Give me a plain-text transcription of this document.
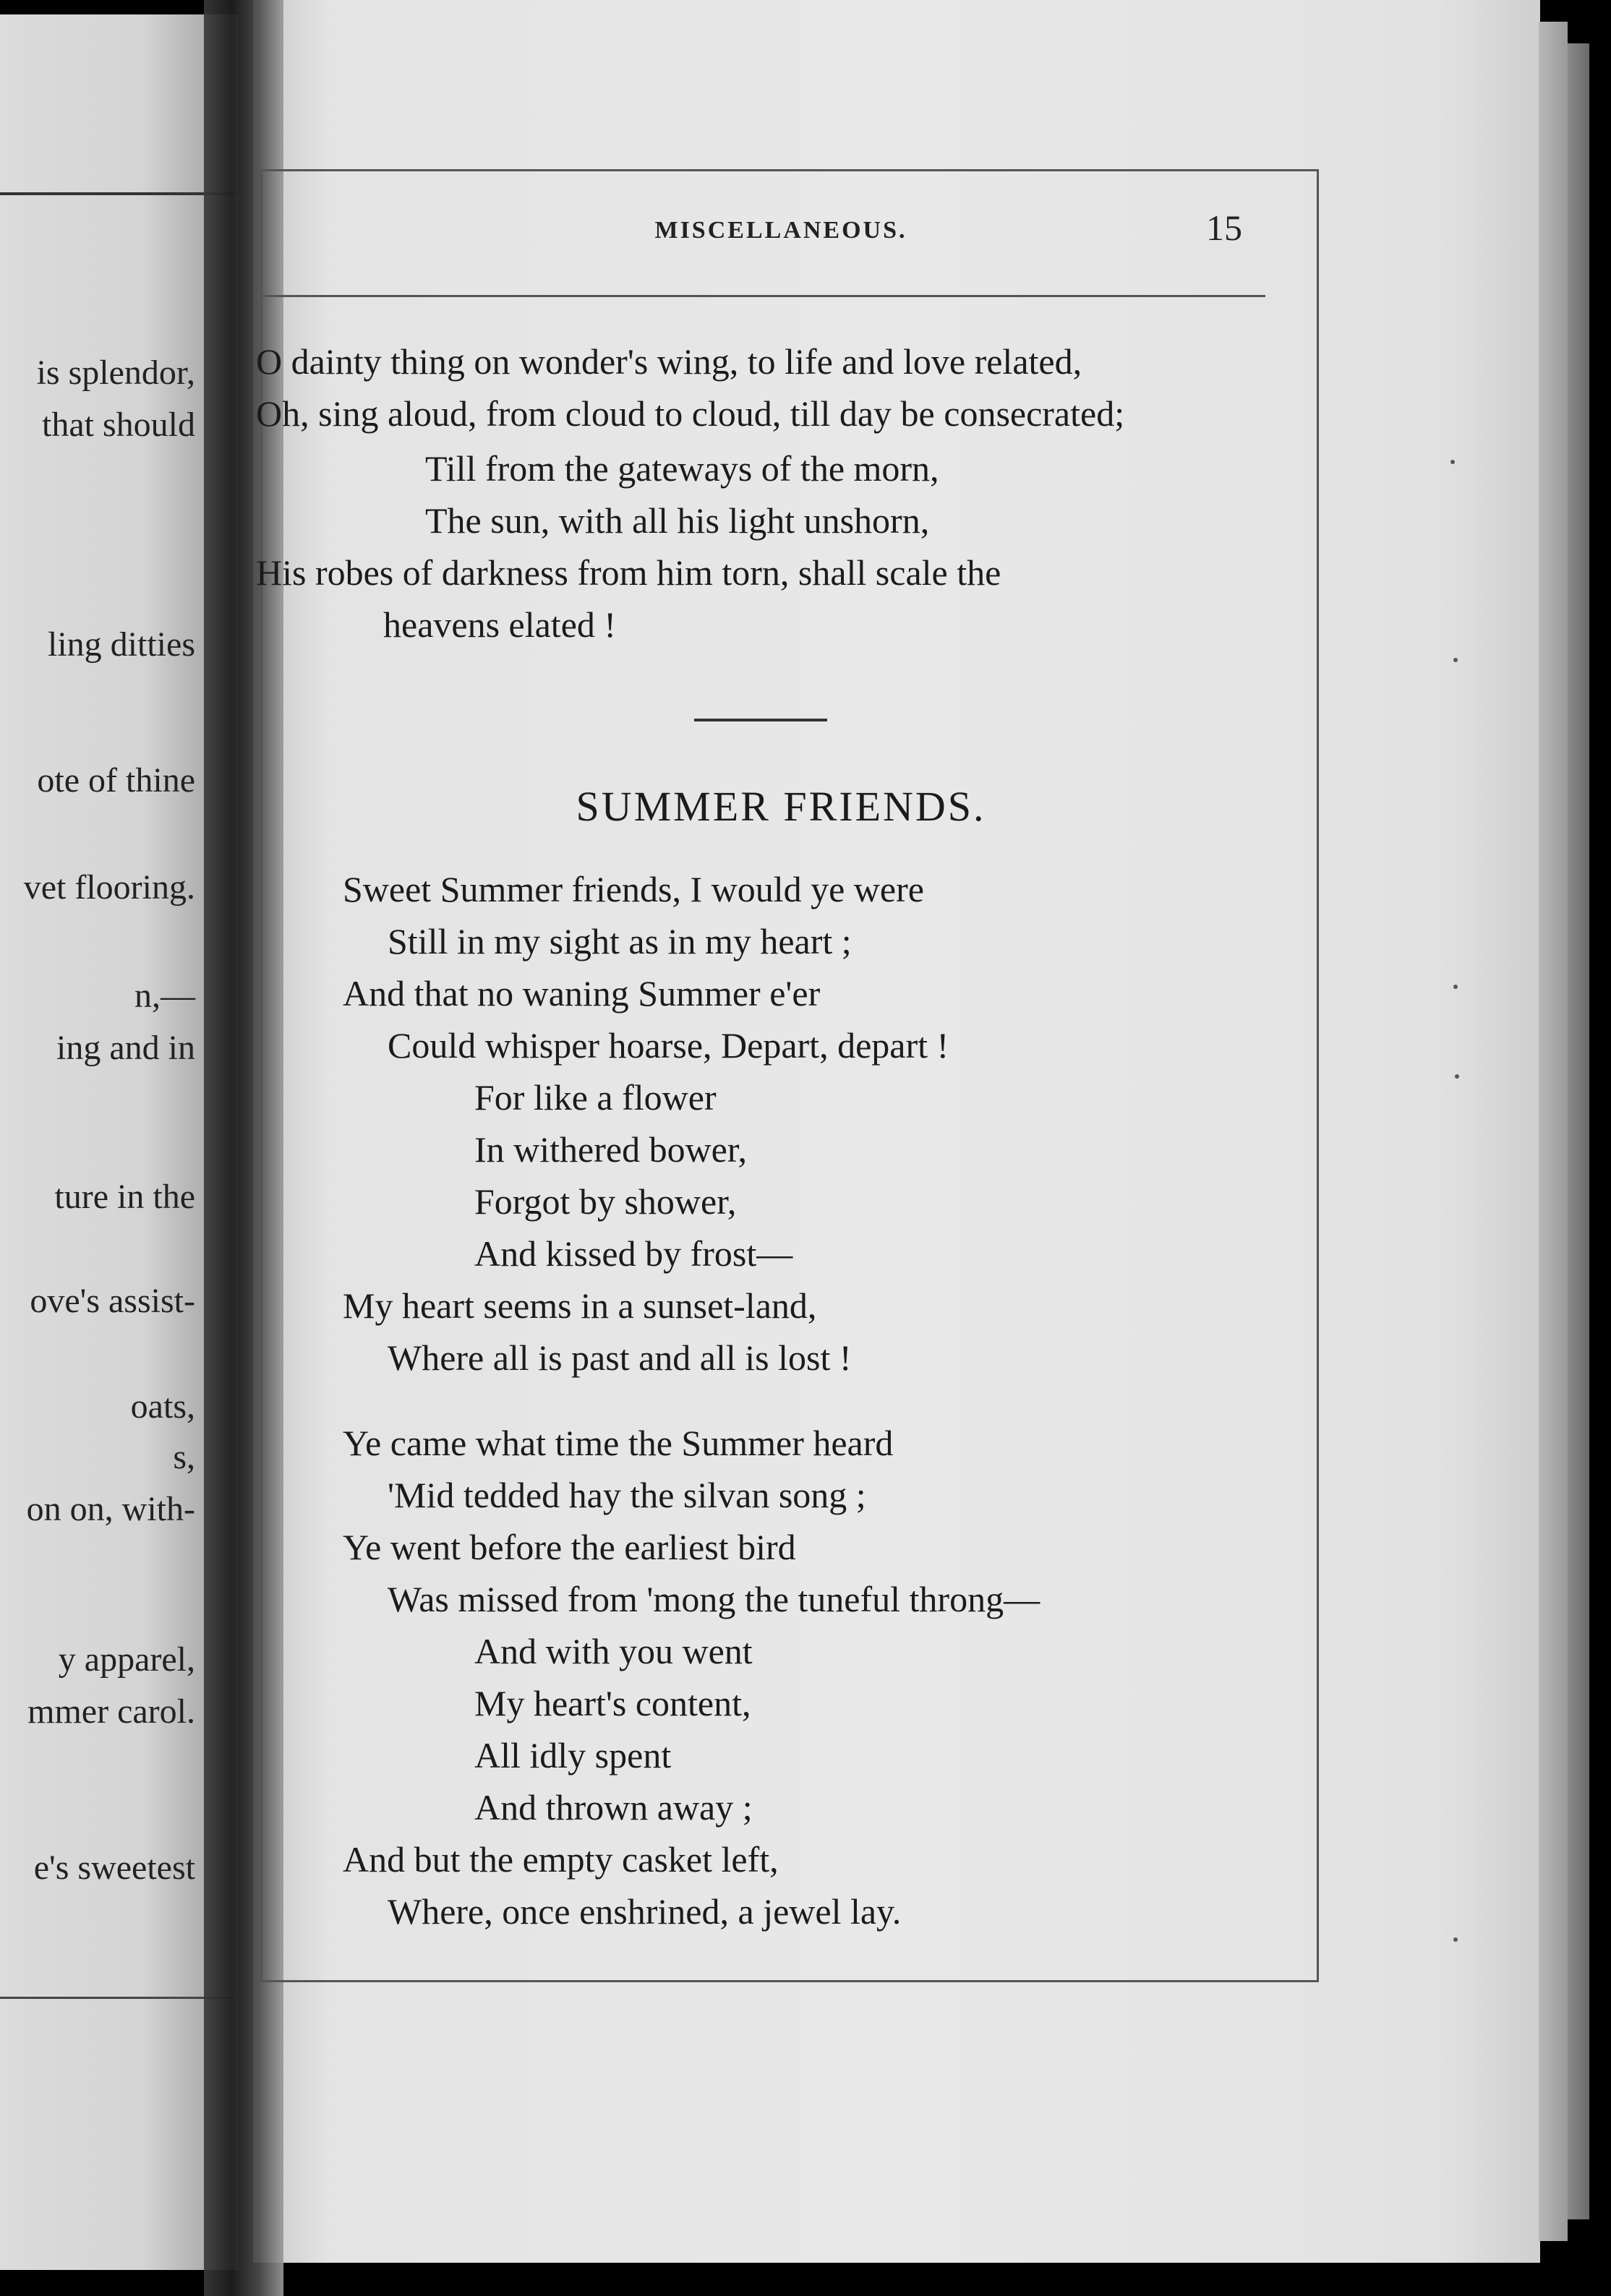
is splendor,
that should
ling ditties
ote of thine
vet flooring.
n,—
ing and in
ture in the
ove's assist-
oats,
s,
on on, with-
y apparel,
mmer carol.
e's sweetest
MISCELLANEOUS.	15
O dainty thing on wonder's wing, to life and love related,
Oh, sing aloud, from cloud to cloud, till day be consecrated;
Till from the gateways of the morn,
The sun, with all his light unshorn,
His robes of darkness from him torn, shall scale the
heavens elated !
SUMMER FRIENDS.
Sweet Summer friends, I would ye were
Still in my sight as in my heart ;
And that no waning Summer e'er
Could whisper hoarse, Depart, depart !
For like a flower
In withered bower,
Forgot by shower,
And kissed by frost—
My heart seems in a sunset-land,
Where all is past and all is lost !
Ye came what time the Summer heard
'Mid tedded hay the silvan song ;
Ye went before the earliest bird
Was missed from 'mong the tuneful throng—
And with you went
My heart's content,
All idly spent
And thrown away ;
And but the empty casket left,
Where, once enshrined, a jewel lay.
